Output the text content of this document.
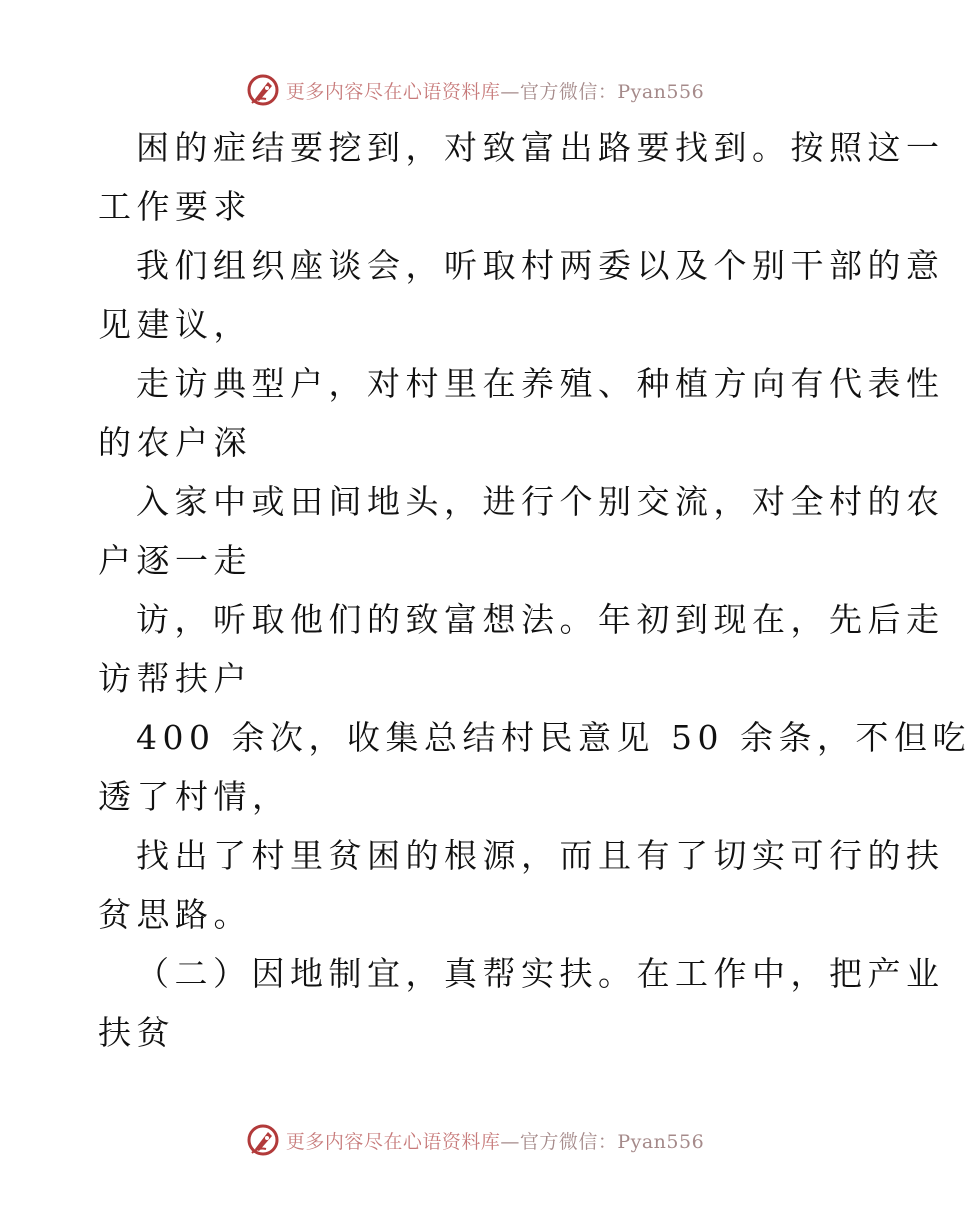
更多内容尽在心语资料库—官方微信：Pyan556
困的症结要挖到，对致富出路要找到。按照这一
工作要求
我们组织座谈会，听取村两委以及个别干部的意
见建议，
走访典型户，对村里在养殖、种植方向有代表性
的农户深
入家中或田间地头，进行个别交流，对全村的农
户逐一走
访，听取他们的致富想法。年初到现在，先后走
访帮扶户
400 余次，收集总结村民意见 50 余条，不但吃
透了村情，
找出了村里贫困的根源，而且有了切实可行的扶
贫思路。
（二）因地制宜，真帮实扶。在工作中，把产业
扶贫
更多内容尽在心语资料库—官方微信：Pyan556
